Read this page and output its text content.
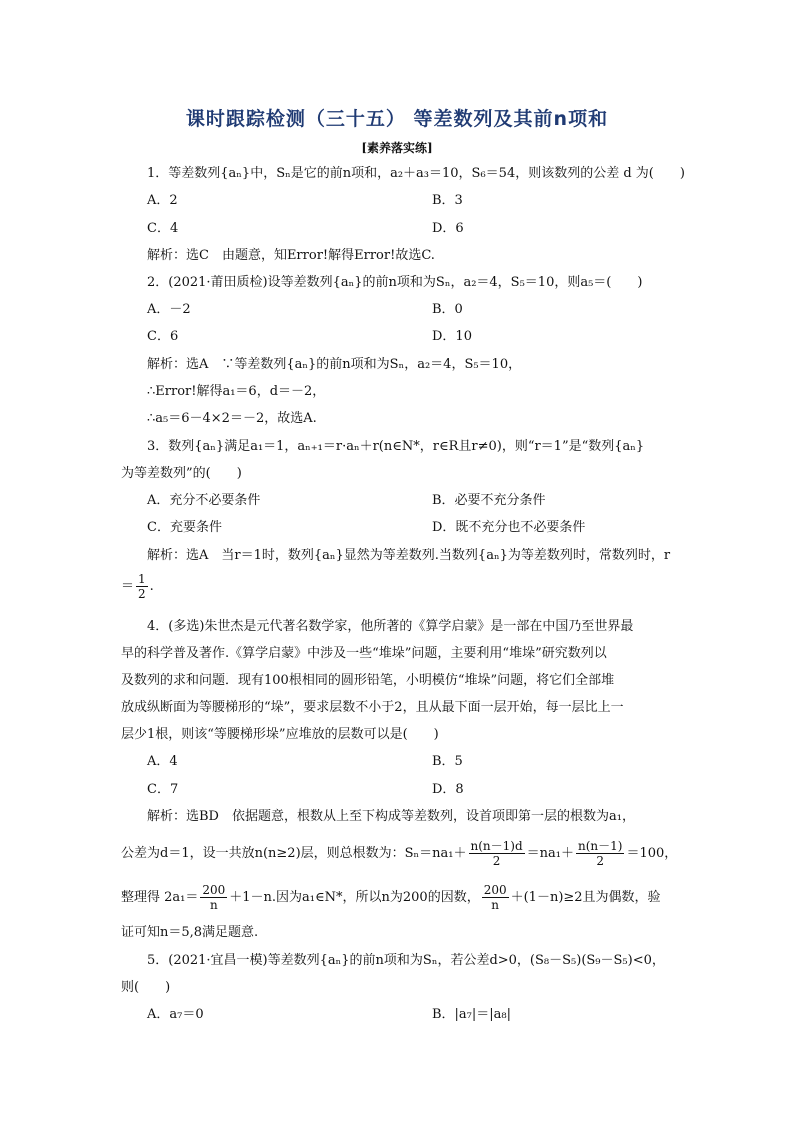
课时跟踪检测（三十五） 等差数列及其前n项和
[素养落实练]
1．等差数列{aₙ}中，Sₙ是它的前n项和，a₂＋a₃＝10，S₆＝54，则该数列的公差 d 为(　　)
A．2	B．3
C．4	D．6
解析：选C　由题意，知Error!解得Error!故选C.
2．(2021·莆田质检)设等差数列{aₙ}的前n项和为Sₙ，a₂＝4，S₅＝10，则a₅＝(　　)
A．－2	B．0
C．6	D．10
解析：选A　∵等差数列{aₙ}的前n项和为Sₙ，a₂＝4，S₅＝10，
∴Error!解得a₁＝6，d＝－2，
∴a₅＝6－4×2＝－2，故选A.
3．数列{aₙ}满足a₁＝1，aₙ₊₁＝r·aₙ＋r(n∈N*，r∈R且r≠0)，则“r＝1”是“数列{aₙ}
为等差数列”的(　　)
A．充分不必要条件	B．必要不充分条件
C．充要条件	D．既不充分也不必要条件
解析：选A　当r＝1时，数列{aₙ}显然为等差数列.当数列{aₙ}为等差数列时，常数列时，r
＝ $\frac{1}{2}$ .
4．(多选)朱世杰是元代著名数学家，他所著的《算学启蒙》是一部在中国乃至世界最
早的科学普及著作.《算学启蒙》中涉及一些“堆垛”问题，主要利用“堆垛”研究数列以
及数列的求和问题．现有100根相同的圆形铅笔，小明模仿“堆垛”问题，将它们全部堆
放成纵断面为等腰梯形的“垛”，要求层数不小于2，且从最下面一层开始，每一层比上一
层少1根，则该“等腰梯形垛”应堆放的层数可以是(　　)
A．4	B．5
C．7	D．8
解析：选BD　依据题意，根数从上至下构成等差数列，设首项即第一层的根数为a₁，
公差为d＝1，设一共放n(n≥2)层，则总根数为：$S_n=na_1+ \frac{n(n-1)d}{2} =na_1+ \frac{n(n-1)}{2} =100$，
整理得 $2a_1= \frac{200}{n} +1-n$.因为a₁∈N*，所以n为200的因数， $\frac{200}{n} +(1-n)\ge 2$且为偶数，验
证可知n＝5,8满足题意.
5．(2021·宜昌一模)等差数列{aₙ}的前n项和为Sₙ，若公差d>0，(S₈－S₅)(S₉－S₅)<0，
则(　　)
A．a₇＝0	B．|a₇|＝|a₈|
